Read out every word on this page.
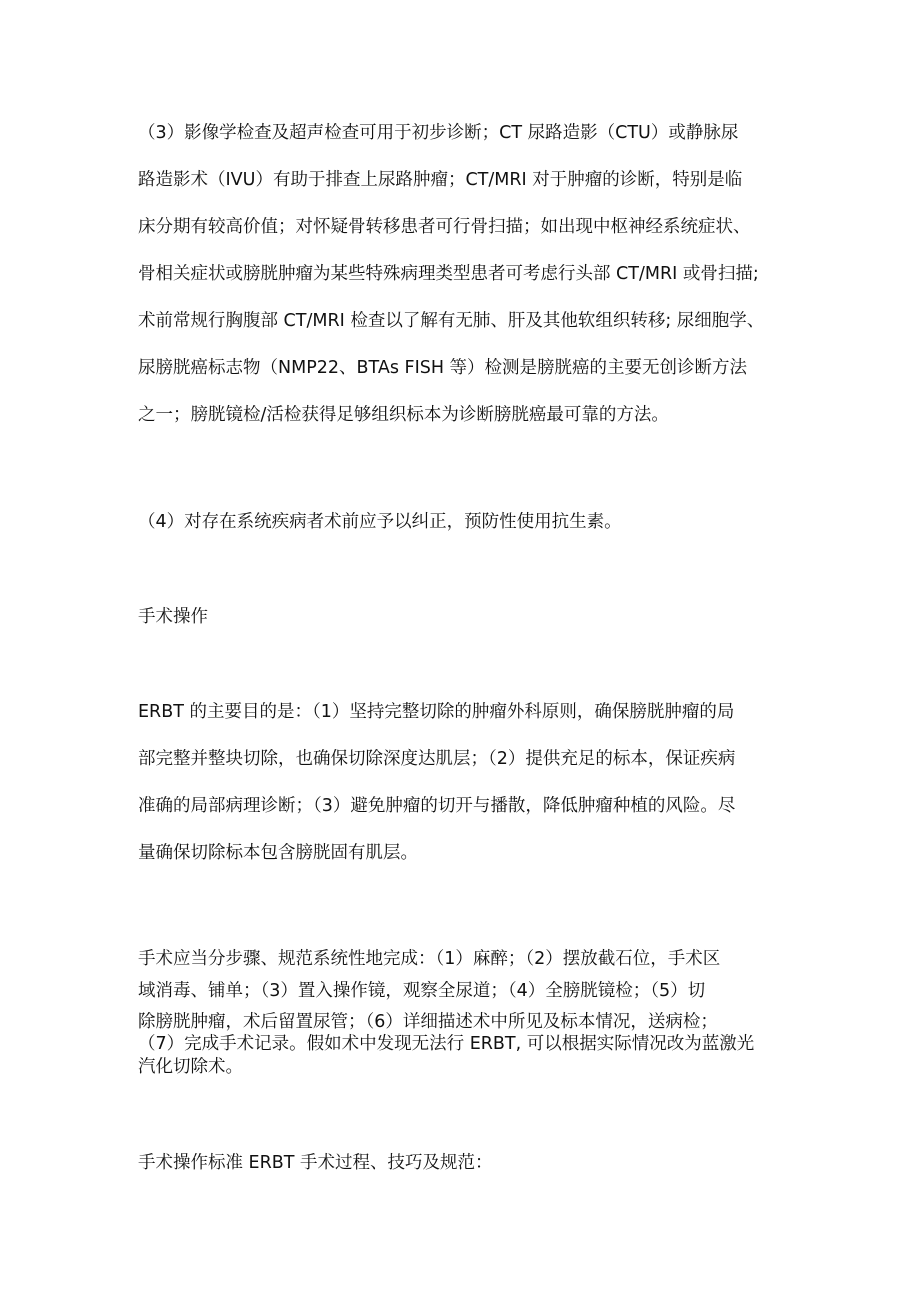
（3）影像学检查及超声检查可用于初步诊断；CT 尿路造影（CTU）或静脉尿
路造影术（IVU）有助于排查上尿路肿瘤；CT/MRI 对于肿瘤的诊断，特别是临
床分期有较高价值；对怀疑骨转移患者可行骨扫描；如出现中枢神经系统症状、
骨相关症状或膀胱肿瘤为某些特殊病理类型患者可考虑行头部 CT/MRI 或骨扫描;
术前常规行胸腹部 CT/MRI 检查以了解有无肺、肝及其他软组织转移; 尿细胞学、
尿膀胱癌标志物（NMP22、BTAs FISH 等）检测是膀胱癌的主要无创诊断方法
之一；膀胱镜检/活检获得足够组织标本为诊断膀胱癌最可靠的方法。
（4）对存在系统疾病者术前应予以纠正，预防性使用抗生素。
手术操作
ERBT 的主要目的是：（1）坚持完整切除的肿瘤外科原则，确保膀胱肿瘤的局
部完整并整块切除，也确保切除深度达肌层；（2）提供充足的标本，保证疾病
准确的局部病理诊断；（3）避免肿瘤的切开与播散，降低肿瘤种植的风险。尽
量确保切除标本包含膀胱固有肌层。
手术应当分步骤、规范系统性地完成：（1）麻醉；（2）摆放截石位，手术区
域消毒、铺单；（3）置入操作镜，观察全尿道；（4）全膀胱镜检；（5）切
除膀胱肿瘤，术后留置尿管；（6）详细描述术中所见及标本情况，送病检；
（7）完成手术记录。假如术中发现无法行 ERBT, 可以根据实际情况改为蓝激光
汽化切除术。
手术操作标准 ERBT 手术过程、技巧及规范：
